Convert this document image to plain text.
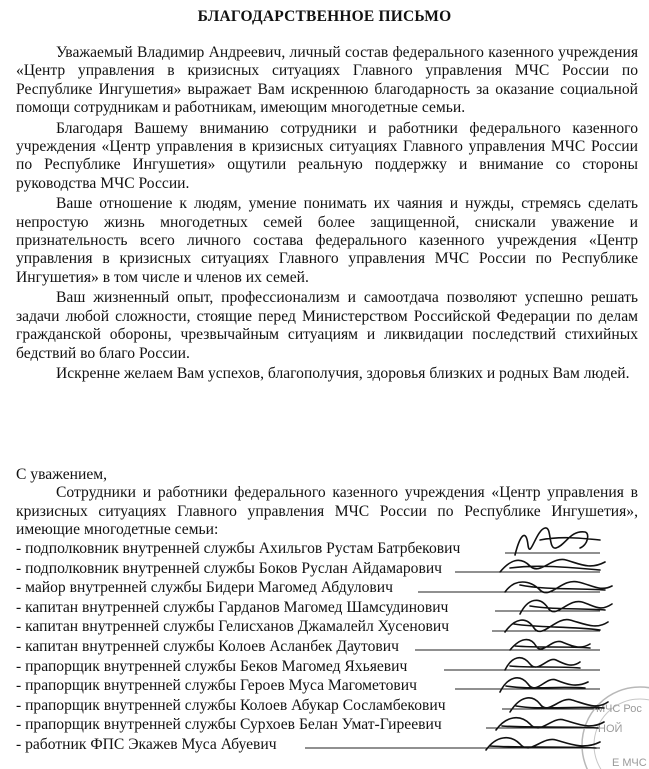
БЛАГОДАРСТВЕННОЕ ПИСЬМО

Уважаемый Владимир Андреевич, личный состав федерального казенного учреждения «Центр управления в кризисных ситуациях Главного управления МЧС России по Республике Ингушетия» выражает Вам искреннюю благодарность за оказание социальной помощи сотрудникам и работникам, имеющим многодетные семьи.

Благодаря Вашему вниманию сотрудники и работники федерального казенного учреждения «Центр управления в кризисных ситуациях Главного управления МЧС России по Республике Ингушетия» ощутили реальную поддержку и внимание со стороны руководства МЧС России.

Ваше отношение к людям, умение понимать их чаяния и нужды, стремясь сделать непростую жизнь многодетных семей более защищенной, снискали уважение и признательность всего личного состава федерального казенного учреждения «Центр управления в кризисных ситуациях Главного управления МЧС России по Республике Ингушетия» в том числе и членов их семей.

Ваш жизненный опыт, профессионализм и самоотдача позволяют успешно решать задачи любой сложности, стоящие перед Министерством Российской Федерации по делам гражданской обороны, чрезвычайным ситуациям и ликвидации последствий стихийных бедствий во благо России.

Искренне желаем Вам успехов, благополучия, здоровья близких и родных Вам людей.

С уважением,

Сотрудники и работники федерального казенного учреждения «Центр управления в кризисных ситуациях Главного управления МЧС России по Республике Ингушетия», имеющие многодетные семьи:

- подполковник внутренней службы Ахильгов Рустам Батрбекович
- подполковник внутренней службы Боков Руслан Айдамарович
- майор внутренней службы Бидери Магомед Абдулович
- капитан внутренней службы Гарданов Магомед Шамсудинович
- капитан внутренней службы Гелисханов Джамалейл Хусенович
- капитан внутренней службы Колоев Асланбек Даутович
- прапорщик внутренней службы Беков Магомед Яхьяевич
- прапорщик внутренней службы Героев Муса Магометович
- прапорщик внутренней службы Колоев Абукар Сосламбекович
- прапорщик внутренней службы Сурхоев Белан Умат-Гиреевич
- работник ФПС Экажев Муса Абуевич
МЧС Рос
НОЙ
Е МЧС
